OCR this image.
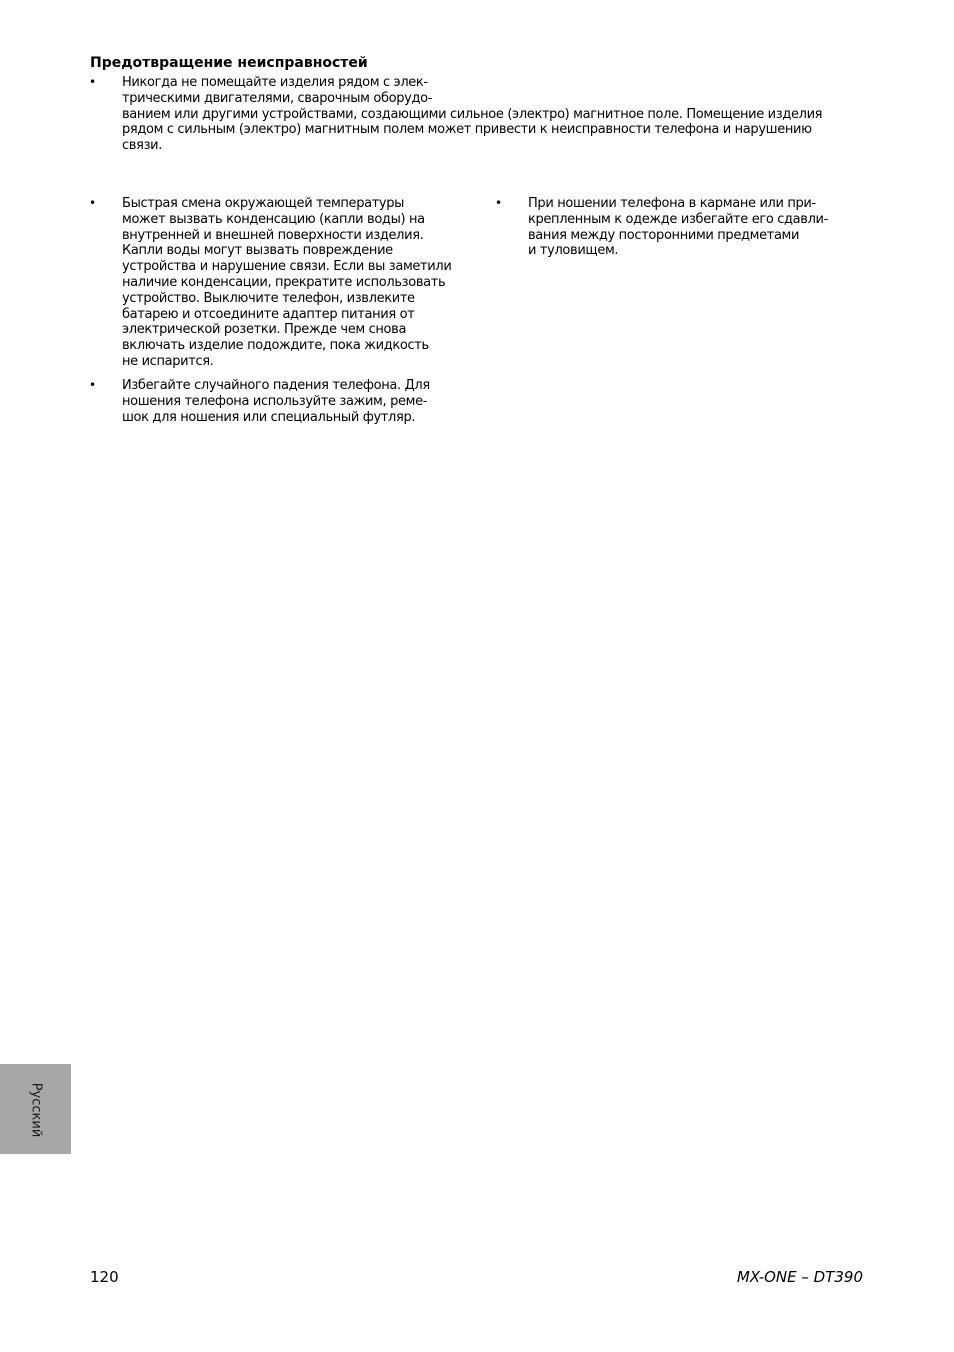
Предотвращение неисправностей
• Никогда не помещайте изделия рядом с элек-
трическими двигателями, сварочным оборудо-
ванием или другими устройствами, создающими сильное (электро) магнитное поле. Помещение изделия
рядом с сильным (электро) магнитным полем может привести к неисправности телефона и нарушению
связи.
• Быстрая смена окружающей температуры
может вызвать конденсацию (капли воды) на
внутренней и внешней поверхности изделия.
Капли воды могут вызвать повреждение
устройства и нарушение связи. Если вы заметили
наличие конденсации, прекратите использовать
устройство. Выключите телефон, извлеките
батарею и отсоедините адаптер питания от
электрической розетки. Прежде чем снова
включать изделие подождите, пока жидкость
не испарится.
• Избегайте случайного падения телефона. Для
ношения телефона используйте зажим, реме-
шок для ношения или специальный футляр.
• При ношении телефона в кармане или при-
крепленным к одежде избегайте его сдавли-
вания между посторонними предметами
и туловищем.
Русский
120	MX-ONE – DT390
